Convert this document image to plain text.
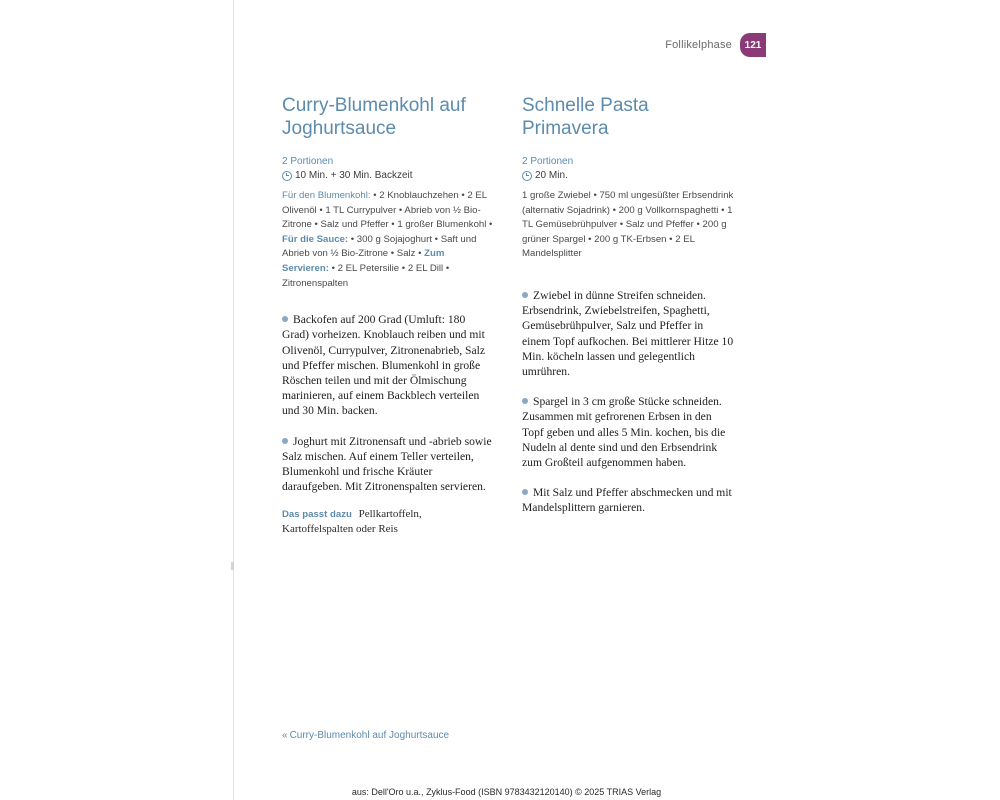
Follikelphase	121
Curry-Blumenkohl auf Joghurtsauce
2 Portionen
10 Min. + 30 Min. Backzeit
Für den Blumenkohl: • 2 Knoblauchzehen • 2 EL Olivenöl • 1 TL Currypulver • Abrieb von ½ Bio-Zitrone • Salz und Pfeffer • 1 großer Blumenkohl • Für die Sauce: • 300 g Sojajoghurt • Saft und Abrieb von ½ Bio-Zitrone • Salz • Zum Servieren: • 2 EL Petersilie • 2 EL Dill • Zitronenspalten

Backofen auf 200 Grad (Umluft: 180 Grad) vorheizen. Knoblauch reiben und mit Olivenöl, Currypulver, Zitronenabrieb, Salz und Pfeffer mischen. Blumenkohl in große Röschen teilen und mit der Ölmischung marinieren, auf einem Backblech verteilen und 30 Min. backen.

Joghurt mit Zitronensaft und -abrieb sowie Salz mischen. Auf einem Teller verteilen, Blumenkohl und frische Kräuter daraufgeben. Mit Zitronenspalten servieren.

Das passt dazu Pellkartoffeln, Kartoffelspalten oder Reis
Schnelle Pasta Primavera
2 Portionen
20 Min.
1 große Zwiebel • 750 ml ungesüßter Erbsendrink (alternativ Sojadrink) • 200 g Vollkornspaghetti • 1 TL Gemüsebrühpulver • Salz und Pfeffer • 200 g grüner Spargel • 200 g TK-Erbsen • 2 EL Mandelsplitter

Zwiebel in dünne Streifen schneiden. Erbsendrink, Zwiebelstreifen, Spaghetti, Gemüsebrühpulver, Salz und Pfeffer in einem Topf aufkochen. Bei mittlerer Hitze 10 Min. köcheln lassen und gelegentlich umrühren.

Spargel in 3 cm große Stücke schneiden. Zusammen mit gefrorenen Erbsen in den Topf geben und alles 5 Min. kochen, bis die Nudeln al dente sind und den Erbsendrink zum Großteil aufgenommen haben.

Mit Salz und Pfeffer abschmecken und mit Mandelsplittern garnieren.

« Curry-Blumenkohl auf Joghurtsauce
aus: Dell'Oro u.a., Zyklus-Food (ISBN 9783432120140) © 2025 TRIAS Verlag
